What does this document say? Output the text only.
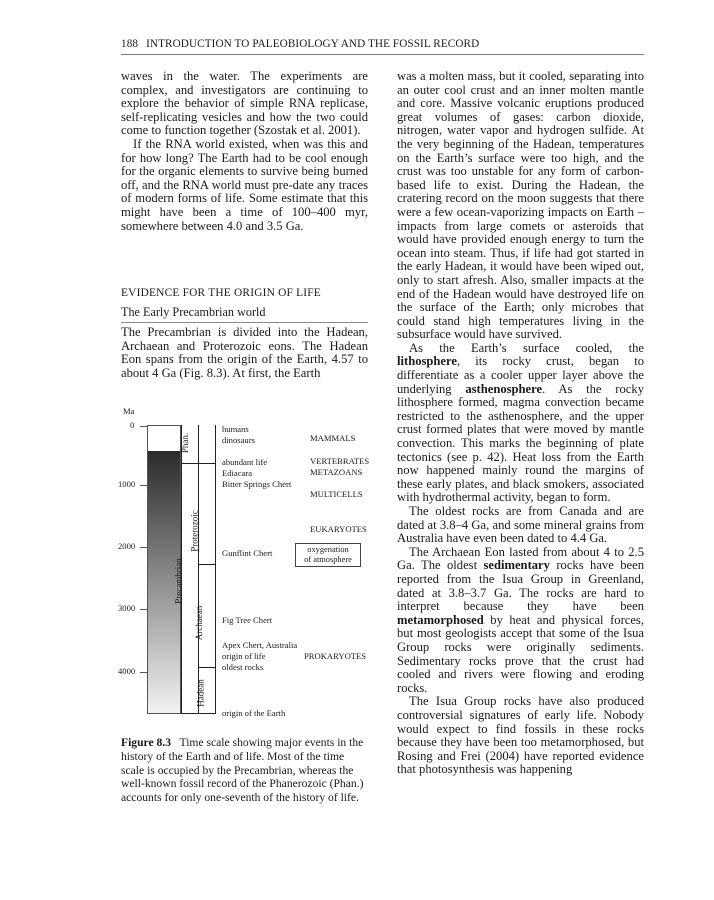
188 INTRODUCTION TO PALEOBIOLOGY AND THE FOSSIL RECORD

waves in the water. The experiments are complex, and investigators are continuing to explore the behavior of simple RNA replicase, self-replicating vesicles and how the two could come to function together (Szostak et al. 2001).

If the RNA world existed, when was this and for how long? The Earth had to be cool enough for the organic elements to survive being burned off, and the RNA world must pre-date any traces of modern forms of life. Some estimate that this might have been a time of 100–400 myr, somewhere between 4.0 and 3.5 Ga.

EVIDENCE FOR THE ORIGIN OF LIFE
The Early Precambrian world

The Precambrian is divided into the Hadean, Archaean and Proterozoic eons. The Hadean Eon spans from the origin of the Earth, 4.57 to about 4 Ga (Fig. 8.3). At first, the Earth

Ma
0
1000
2000
3000
4000
Phan.
Proterozoic
Precambrian
Archaean
Hadean
humans
dinosaurs
abundant life
Ediacara
Bitter Springs Chert
Gunflint Chert
Fig Tree Chert
Apex Chert, Australia
origin of life
oldest rocks
origin of the Earth
MAMMALS
VERTEBRATES
METAZOANS
MULTICELLS
EUKARYOTES
PROKARYOTES
oxygenation
of atmosphere
Figure 8.3 Time scale showing major events in the history of the Earth and of life. Most of the time scale is occupied by the Precambrian, whereas the well-known fossil record of the Phanerozoic (Phan.) accounts for only one-seventh of the history of life.

was a molten mass, but it cooled, separating into an outer cool crust and an inner molten mantle and core. Massive volcanic eruptions produced great volumes of gases: carbon dioxide, nitrogen, water vapor and hydrogen sulfide. At the very beginning of the Hadean, temperatures on the Earth’s surface were too high, and the crust was too unstable for any form of carbon-based life to exist. During the Hadean, the cratering record on the moon suggests that there were a few ocean-vaporizing impacts on Earth – impacts from large comets or asteroids that would have provided enough energy to turn the ocean into steam. Thus, if life had got started in the early Hadean, it would have been wiped out, only to start afresh. Also, smaller impacts at the end of the Hadean would have destroyed life on the surface of the Earth; only microbes that could stand high temperatures living in the subsurface would have survived.

As the Earth’s surface cooled, the lithosphere, its rocky crust, began to differentiate as a cooler upper layer above the underlying asthenosphere. As the rocky lithosphere formed, magma convection became restricted to the asthenosphere, and the upper crust formed plates that were moved by mantle convection. This marks the beginning of plate tectonics (see p. 42). Heat loss from the Earth now happened mainly round the margins of these early plates, and black smokers, associated with hydrothermal activity, began to form.

The oldest rocks are from Canada and are dated at 3.8–4 Ga, and some mineral grains from Australia have even been dated to 4.4 Ga.

The Archaean Eon lasted from about 4 to 2.5 Ga. The oldest sedimentary rocks have been reported from the Isua Group in Greenland, dated at 3.8–3.7 Ga. The rocks are hard to interpret because they have been metamorphosed by heat and physical forces, but most geologists accept that some of the Isua Group rocks were originally sediments. Sedimentary rocks prove that the crust had cooled and rivers were flowing and eroding rocks.

The Isua Group rocks have also produced controversial signatures of early life. Nobody would expect to find fossils in these rocks because they have been too metamorphosed, but Rosing and Frei (2004) have reported evidence that photosynthesis was happening
